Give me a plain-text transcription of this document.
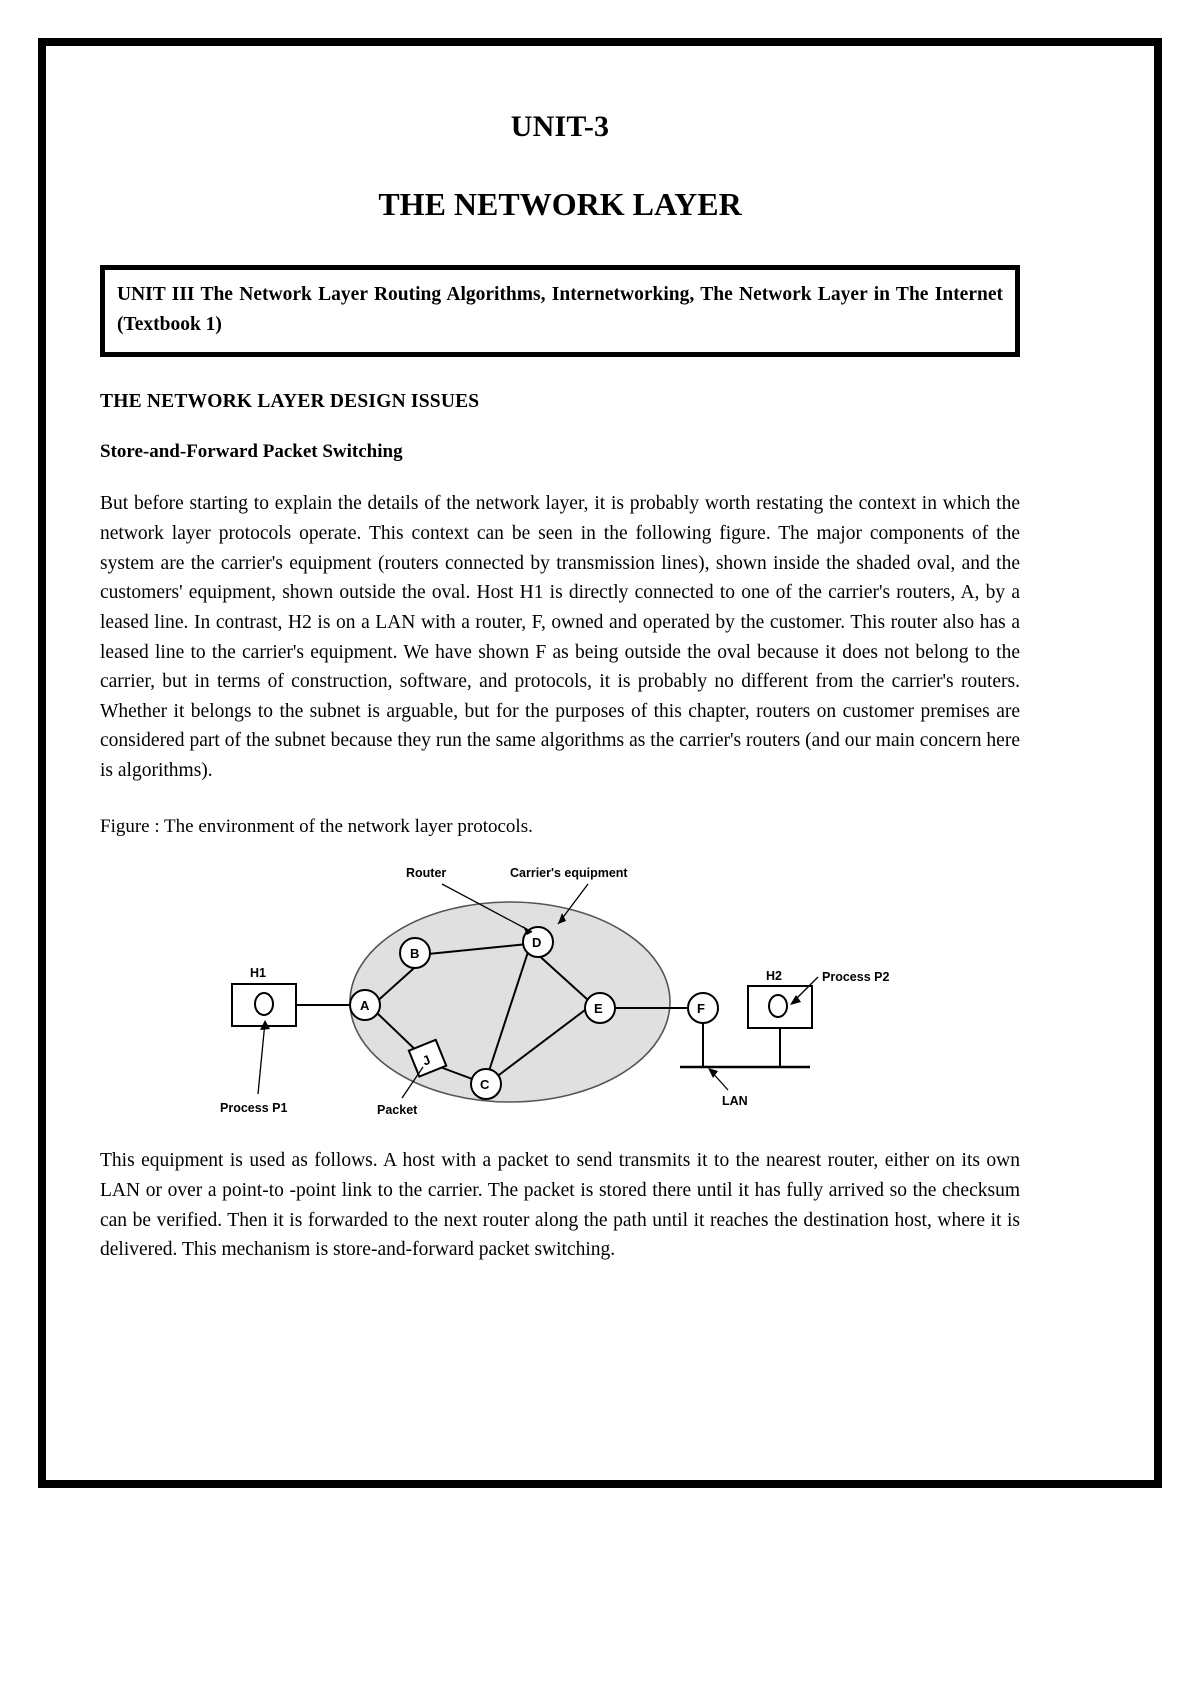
UNIT-3
THE NETWORK LAYER

UNIT III The Network Layer Routing Algorithms, Internetworking, The Network Layer in The Internet (Textbook 1)

THE NETWORK LAYER DESIGN ISSUES
Store-and-Forward Packet Switching

But before starting to explain the details of the network layer, it is probably worth restating the context in which the network layer protocols operate. This context can be seen in the following figure. The major components of the system are the carrier's equipment (routers connected by transmission lines), shown inside the shaded oval, and the customers' equipment, shown outside the oval. Host H1 is directly connected to one of the carrier's routers, A, by a leased line. In contrast, H2 is on a LAN with a router, F, owned and operated by the customer. This router also has a leased line to the carrier's equipment. We have shown F as being outside the oval because it does not belong to the carrier, but in terms of construction, software, and protocols, it is probably no different from the carrier's routers. Whether it belongs to the subnet is arguable, but for the purposes of this chapter, routers on customer premises are considered part of the subnet because they run the same algorithms as the carrier's routers (and our main concern here is algorithms).

Figure : The environment of the network layer protocols.

H1
A
B
D
E
C
J
F
H2
Router	Carrier's equipment
Process P1
Process P2
Packet
LAN

This equipment is used as follows. A host with a packet to send transmits it to the nearest router, either on its own LAN or over a point-to -point link to the carrier. The packet is stored there until it has fully arrived so the checksum can be verified. Then it is forwarded to the next router along the path until it reaches the destination host, where it is delivered. This mechanism is store-and-forward packet switching.
